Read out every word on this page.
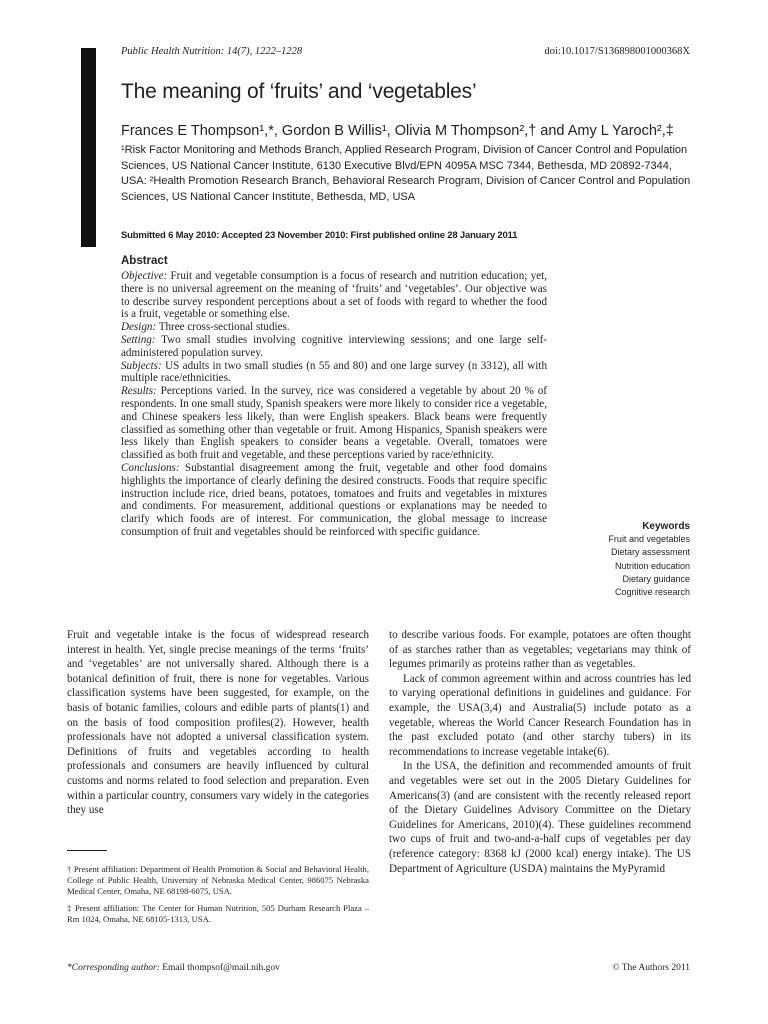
Public Health Nutrition: 14(7), 1222–1228	doi:10.1017/S136898001000368X
The meaning of ‘fruits’ and ‘vegetables’
Frances E Thompson¹,*, Gordon B Willis¹, Olivia M Thompson²,† and Amy L Yaroch²,‡
¹Risk Factor Monitoring and Methods Branch, Applied Research Program, Division of Cancer Control and Population Sciences, US National Cancer Institute, 6130 Executive Blvd/EPN 4095A MSC 7344, Bethesda, MD 20892-7344, USA: ²Health Promotion Research Branch, Behavioral Research Program, Division of Cancer Control and Population Sciences, US National Cancer Institute, Bethesda, MD, USA
Submitted 6 May 2010: Accepted 23 November 2010: First published online 28 January 2011
Abstract

Objective: Fruit and vegetable consumption is a focus of research and nutrition education; yet, there is no universal agreement on the meaning of ‘fruits’ and ‘vegetables’. Our objective was to describe survey respondent perceptions about a set of foods with regard to whether the food is a fruit, vegetable or something else.

Design: Three cross-sectional studies.

Setting: Two small studies involving cognitive interviewing sessions; and one large self-administered population survey.

Subjects: US adults in two small studies (n 55 and 80) and one large survey (n 3312), all with multiple race/ethnicities.

Results: Perceptions varied. In the survey, rice was considered a vegetable by about 20 % of respondents. In one small study, Spanish speakers were more likely to consider rice a vegetable, and Chinese speakers less likely, than were English speakers. Black beans were frequently classified as something other than vegetable or fruit. Among Hispanics, Spanish speakers were less likely than English speakers to consider beans a vegetable. Overall, tomatoes were classified as both fruit and vegetable, and these perceptions varied by race/ethnicity.

Conclusions: Substantial disagreement among the fruit, vegetable and other food domains highlights the importance of clearly defining the desired constructs. Foods that require specific instruction include rice, dried beans, potatoes, tomatoes and fruits and vegetables in mixtures and condiments. For measurement, additional questions or explanations may be needed to clarify which foods are of interest. For communication, the global message to increase consumption of fruit and vegetables should be reinforced with specific guidance.	Keywords
Fruit and vegetables
Dietary assessment
Nutrition education
Dietary guidance
Cognitive research

Fruit and vegetable intake is the focus of widespread research interest in health. Yet, single precise meanings of the terms ‘fruits’ and ‘vegetables’ are not universally shared. Although there is a botanical definition of fruit, there is none for vegetables. Various classification systems have been suggested, for example, on the basis of botanic families, colours and edible parts of plants(1) and on the basis of food composition profiles(2). However, health professionals have not adopted a universal classification system. Definitions of fruits and vegetables according to health professionals and consumers are heavily influenced by cultural customs and norms related to food selection and preparation. Even within a particular country, consumers vary widely in the categories they use

to describe various foods. For example, potatoes are often thought of as starches rather than as vegetables; vegetarians may think of legumes primarily as proteins rather than as vegetables.

Lack of common agreement within and across countries has led to varying operational definitions in guidelines and guidance. For example, the USA(3,4) and Australia(5) include potato as a vegetable, whereas the World Cancer Research Foundation has in the past excluded potato (and other starchy tubers) in its recommendations to increase vegetable intake(6).

In the USA, the definition and recommended amounts of fruit and vegetables were set out in the 2005 Dietary Guidelines for Americans(3) (and are consistent with the recently released report of the Dietary Guidelines Advisory Committee on the Dietary Guidelines for Americans, 2010)(4). These guidelines recommend two cups of fruit and two-and-a-half cups of vegetables per day (reference category: 8368 kJ (2000 kcal) energy intake). The US Department of Agriculture (USDA) maintains the MyPyramid

† Present affiliation: Department of Health Promotion & Social and Behavioral Health, College of Public Health, University of Nebraska Medical Center, 986075 Nebraska Medical Center, Omaha, NE 68198-6075, USA.

‡ Present affiliation: The Center for Human Nutrition, 505 Durham Research Plaza – Rm 1024, Omaha, NE 68105-1313, USA.

*Corresponding author: Email thompsof@mail.nih.gov	© The Authors 2011
